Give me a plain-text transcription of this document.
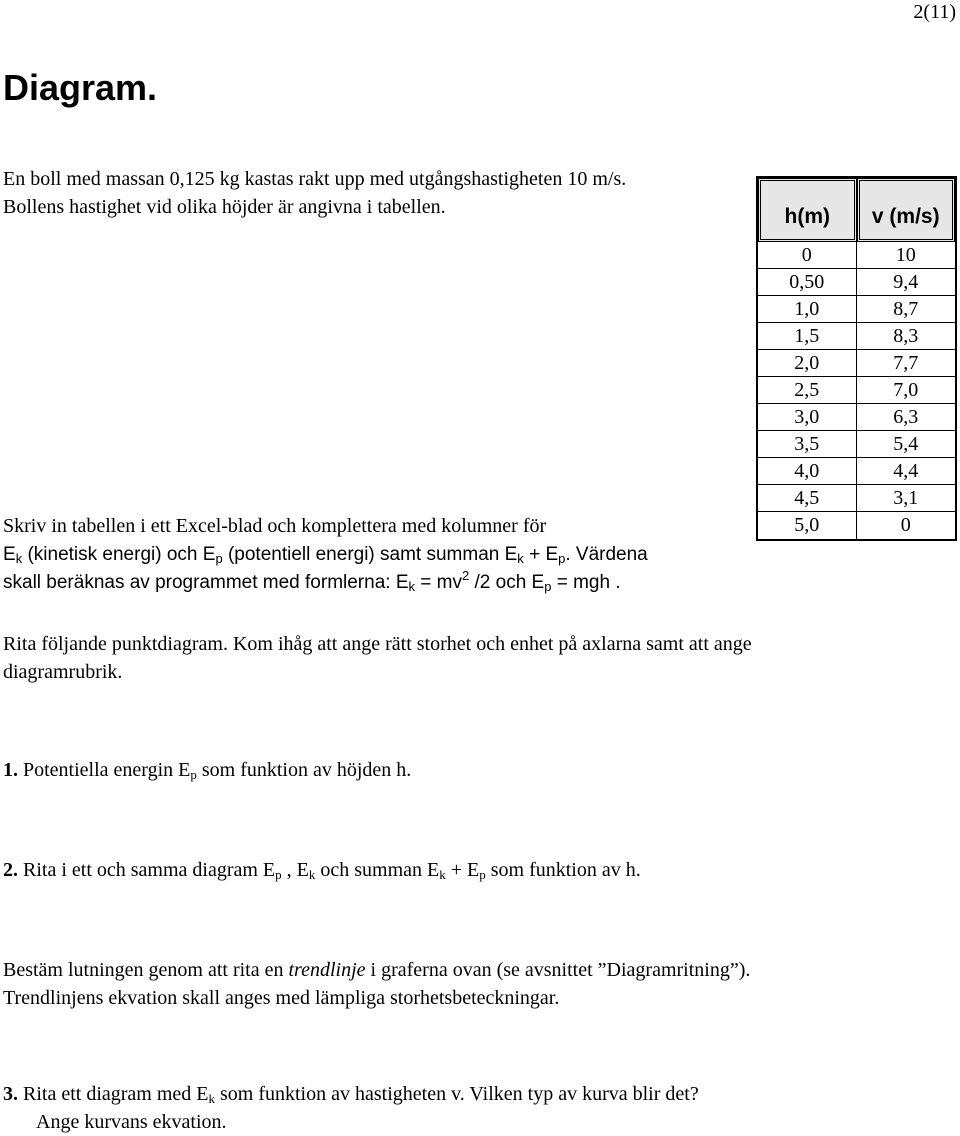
2(11)
Diagram.
En boll med massan 0,125 kg kastas rakt upp med utgångshastigheten 10 m/s.
Bollens hastighet vid olika höjder är angivna i tabellen.	h(m)	v (m/s)
0	10
0,50	9,4
1,0	8,7
1,5	8,3
2,0	7,7
2,5	7,0
3,0	6,3
3,5	5,4
4,0	4,4
4,5	3,1
5,0	0
Skriv in tabellen i ett Excel-blad och komplettera med kolumner för
$E_k$ (kinetisk energi) och $E_p$ (potentiell energi) samt summan $E_k + E_p$. Värdena
skall beräknas av programmet med formlerna: $E_k = mv^2$ /2 och $E_p$ = mgh .
Rita följande punktdiagram. Kom ihåg att ange rätt storhet och enhet på axlarna samt att ange
diagramrubrik.
1. Potentiella energin $E_p$ som funktion av höjden h.
2. Rita i ett och samma diagram $E_p$ , $E_k$ och summan $E_k + E_p$ som funktion av h.
Bestäm lutningen genom att rita en trendlinje i graferna ovan (se avsnittet ”Diagramritning”).
Trendlinjens ekvation skall anges med lämpliga storhetsbeteckningar.
3. Rita ett diagram med $E_k$ som funktion av hastigheten v. Vilken typ av kurva blir det?
Ange kurvans ekvation.
